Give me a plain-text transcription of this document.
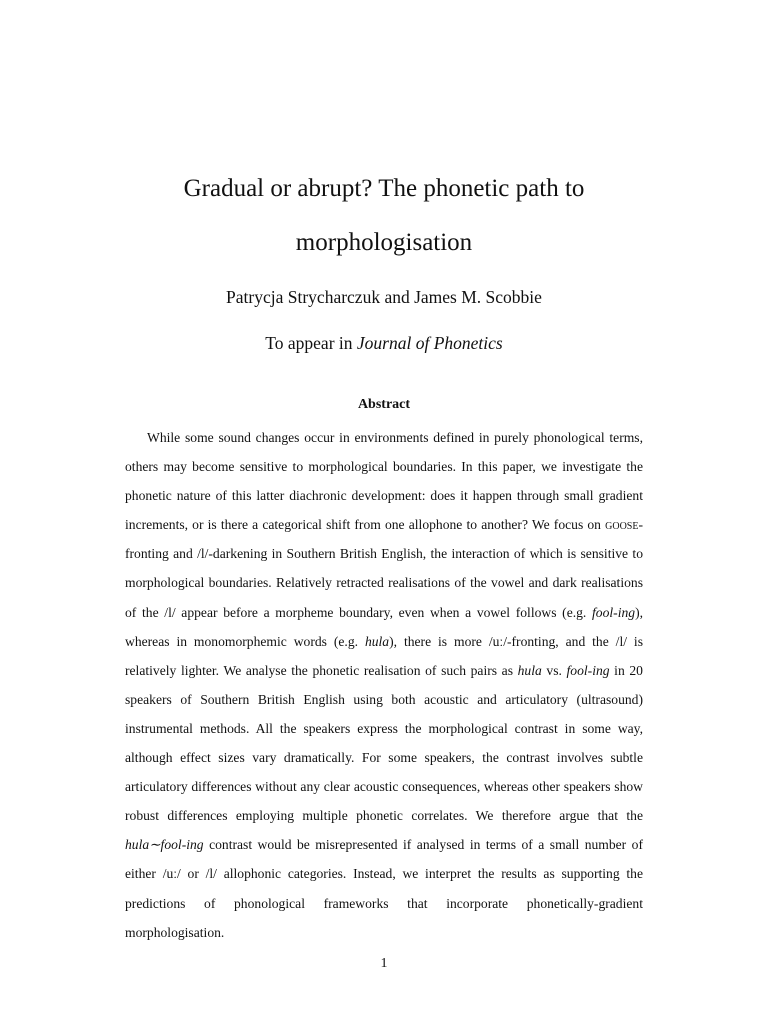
Gradual or abrupt? The phonetic path to
morphologisation

Patrycja Strycharczuk and James M. Scobbie

To appear in Journal of Phonetics

Abstract

While some sound changes occur in environments defined in purely phonological terms, others may become sensitive to morphological boundaries. In this paper, we investigate the phonetic nature of this latter diachronic development: does it happen through small gradient increments, or is there a categorical shift from one allophone to another? We focus on goose-fronting and /l/-darkening in Southern British English, the interaction of which is sensitive to morphological boundaries. Relatively retracted realisations of the vowel and dark realisations of the /l/ appear before a morpheme boundary, even when a vowel follows (e.g. fool-ing), whereas in monomorphemic words (e.g. hula), there is more /uː/-fronting, and the /l/ is relatively lighter. We analyse the phonetic realisation of such pairs as hula vs. fool-ing in 20 speakers of Southern British English using both acoustic and articulatory (ultrasound) instrumental methods. All the speakers express the morphological contrast in some way, although effect sizes vary dramatically. For some speakers, the contrast involves subtle articulatory differences without any clear acoustic consequences, whereas other speakers show robust differences employing multiple phonetic correlates. We therefore argue that the hula∼fool-ing contrast would be misrepresented if analysed in terms of a small number of either /uː/ or /l/ allophonic categories. Instead, we interpret the results as supporting the predictions of phonological frameworks that incorporate phonetically-gradient morphologisation.

1
